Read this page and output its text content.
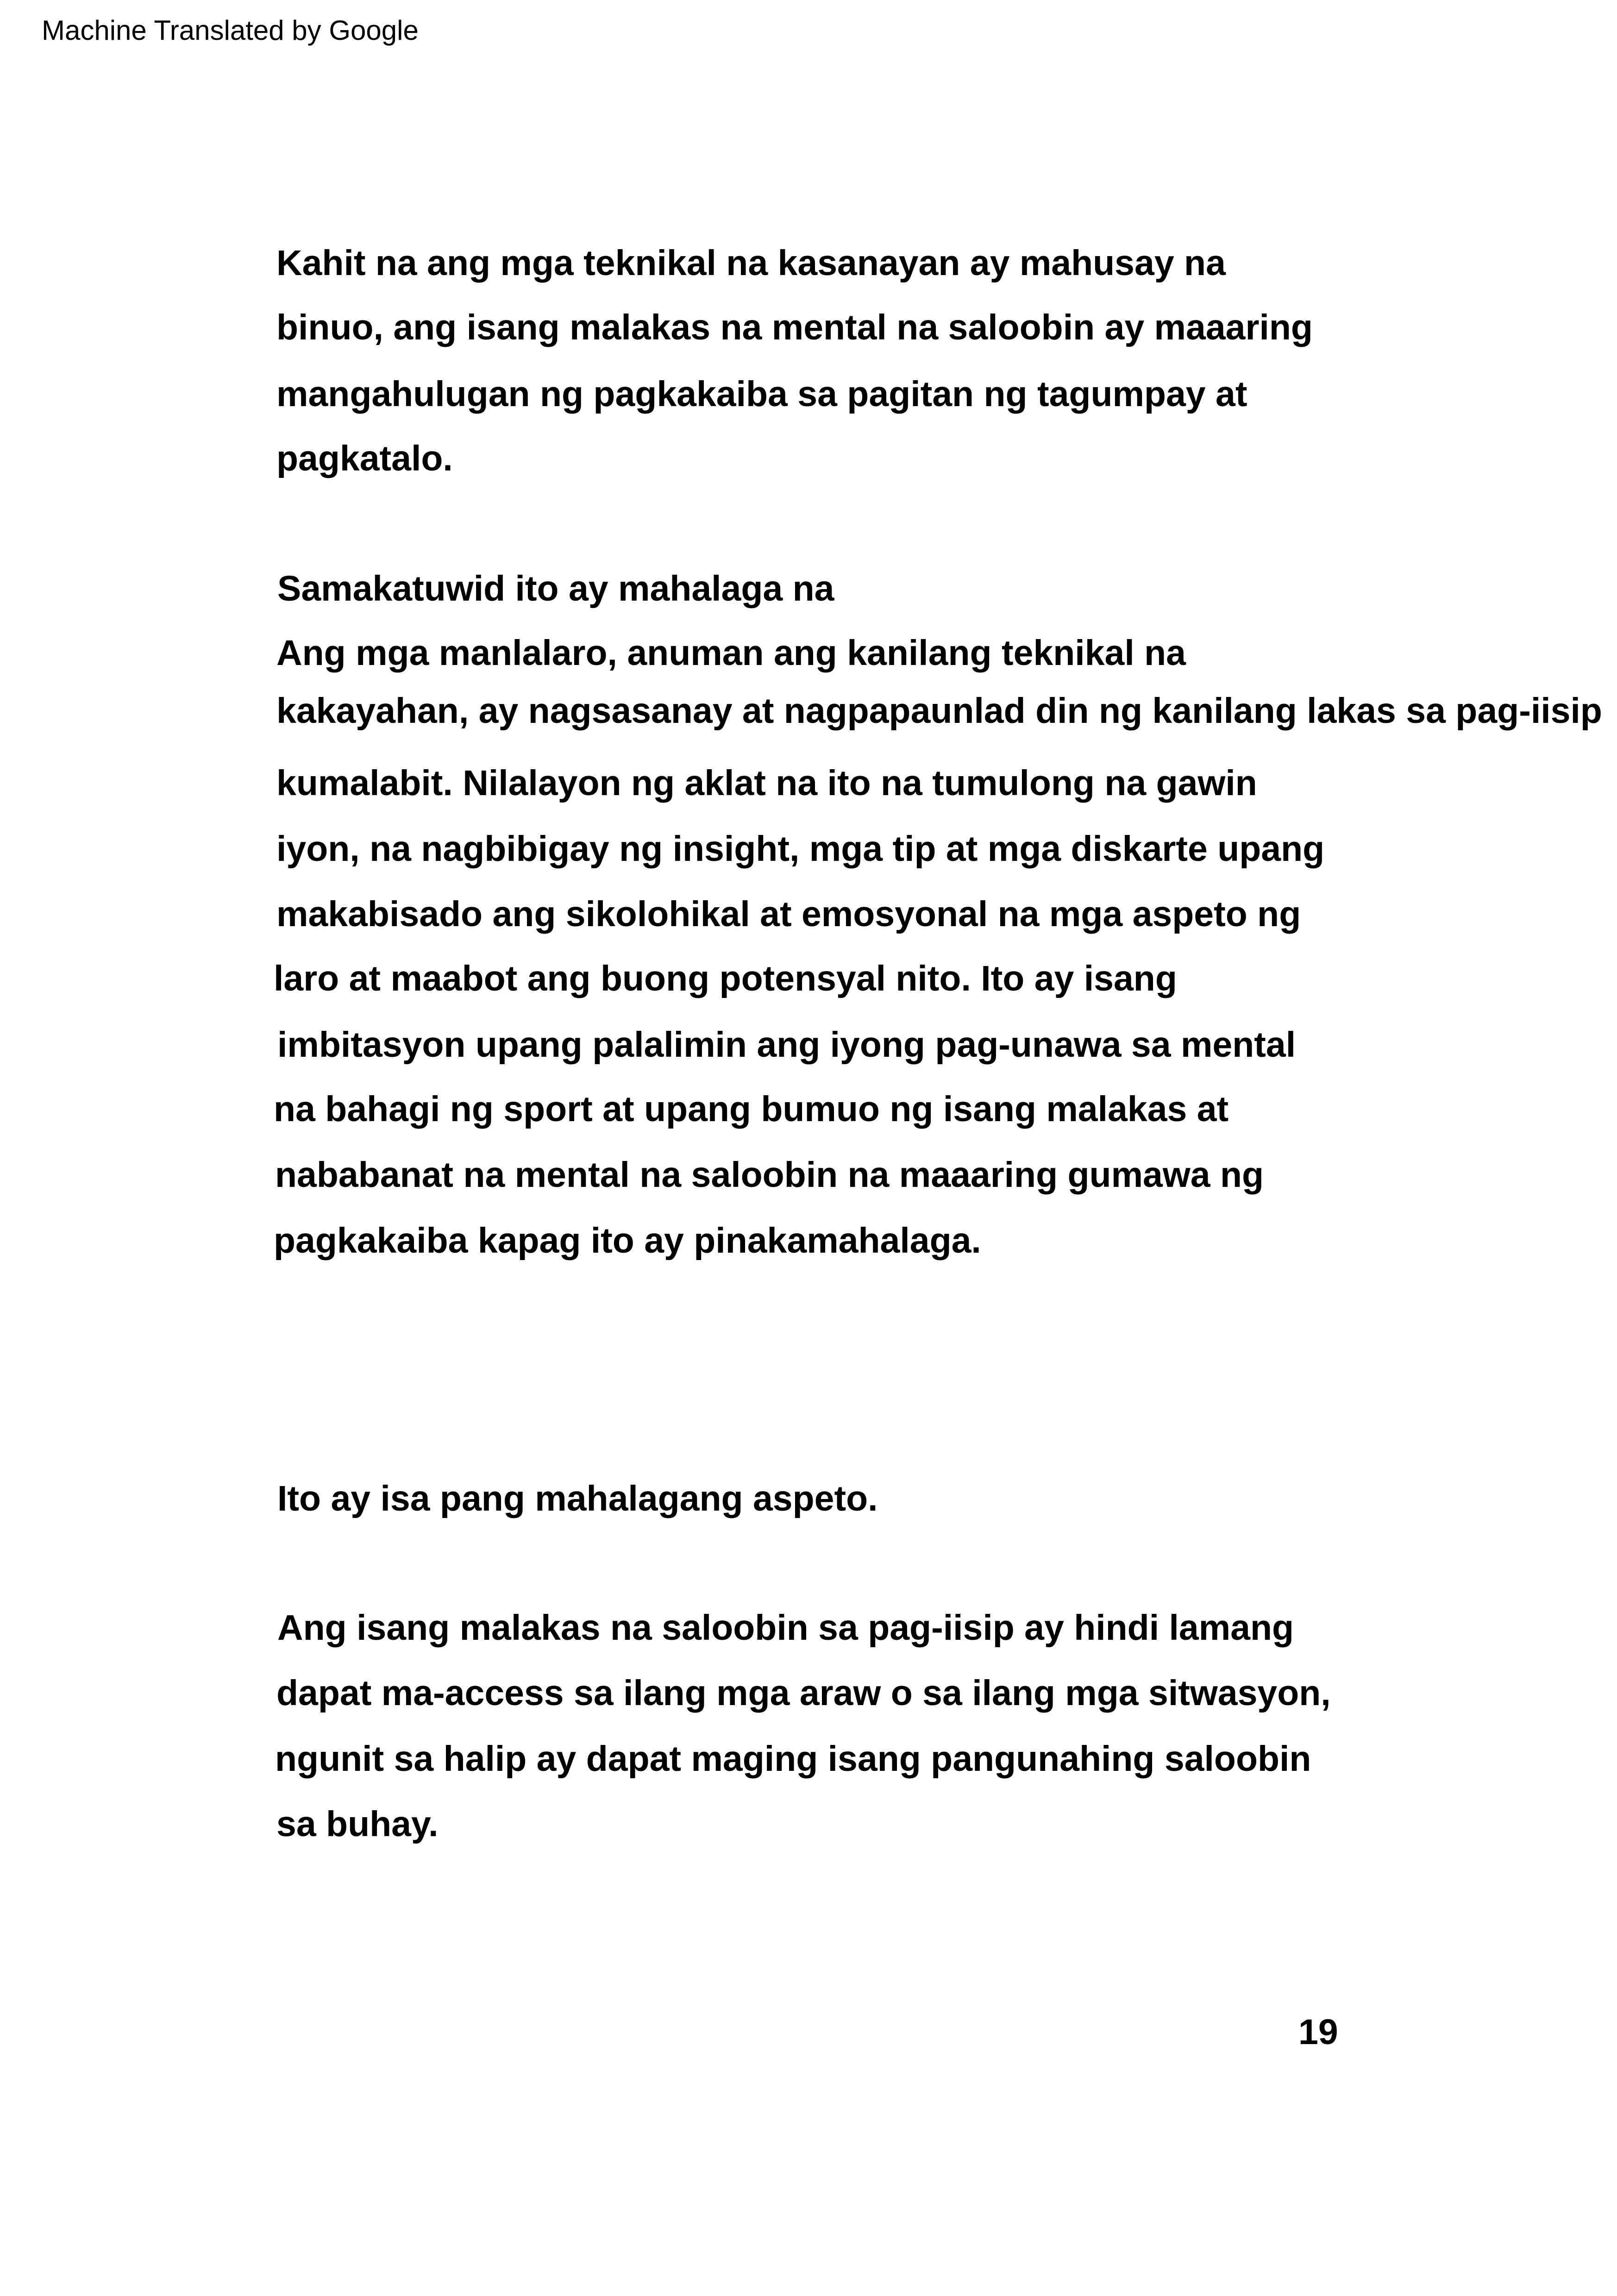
Machine Translated by Google
Kahit na ang mga teknikal na kasanayan ay mahusay na
binuo, ang isang malakas na mental na saloobin ay maaaring
mangahulugan ng pagkakaiba sa pagitan ng tagumpay at
pagkatalo.
Samakatuwid ito ay mahalaga na
Ang mga manlalaro, anuman ang kanilang teknikal na
kakayahan, ay nagsasanay at nagpapaunlad din ng kanilang lakas sa pag-iisip
kumalabit. Nilalayon ng aklat na ito na tumulong na gawin
iyon, na nagbibigay ng insight, mga tip at mga diskarte upang
makabisado ang sikolohikal at emosyonal na mga aspeto ng
laro at maabot ang buong potensyal nito. Ito ay isang
imbitasyon upang palalimin ang iyong pag-unawa sa mental
na bahagi ng sport at upang bumuo ng isang malakas at
nababanat na mental na saloobin na maaaring gumawa ng
pagkakaiba kapag ito ay pinakamahalaga.
Ito ay isa pang mahalagang aspeto.
Ang isang malakas na saloobin sa pag-iisip ay hindi lamang
dapat ma-access sa ilang mga araw o sa ilang mga sitwasyon,
ngunit sa halip ay dapat maging isang pangunahing saloobin
sa buhay.
19
